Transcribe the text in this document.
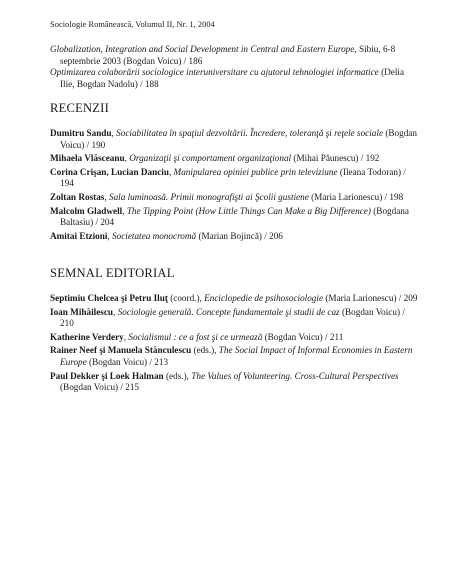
Sociologie Românească, Volumul II, Nr. 1, 2004

Globalization, Integration and Social Development in Central and Eastern Europe, Sibiu, 6-8 septembrie 2003 (Bogdan Voicu) / 186

Optimizarea colaborării sociologice interuniversitare cu ajutorul tehnologiei informatice (Delia Ilie, Bogdan Nadolu) / 188

RECENZII

Dumitru Sandu, Sociabilitatea în spaţiul dezvoltării. Încredere, toleranţă şi reţele sociale (Bogdan Voicu) / 190

Mihaela Vlăsceanu, Organizaţii şi comportament organizaţional (Mihai Păunescu) / 192

Corina Crişan, Lucian Danciu, Manipularea opiniei publice prin televiziune (Ileana Todoran) / 194

Zoltan Rostas, Sala luminoasă. Primii monografişti ai Şcolii gustiene (Maria Larionescu) / 198

Malcolm Gladwell, The Tipping Point (How Little Things Can Make a Big Difference) (Bogdana Baltasiu) / 204

Amitai Etzioni, Societatea monocromă (Marian Bojincă) / 206

SEMNAL EDITORIAL

Septimiu Chelcea şi Petru Iluţ (coord.), Enciclopedie de psihosociologie (Maria Larionescu) / 209

Ioan Mihăilescu, Sociologie generală. Concepte fundamentale şi studii de caz (Bogdan Voicu) / 210

Katherine Verdery, Socialismul : ce a fost şi ce urmează (Bogdan Voicu) / 211

Rainer Neef şi Manuela Stănculescu (eds.), The Social Impact of Informal Economies in Eastern Europe (Bogdan Voicu) / 213

Paul Dekker şi Loek Halman (eds.), The Values of Volunteering. Cross-Cultural Perspectives (Bogdan Voicu) / 215
